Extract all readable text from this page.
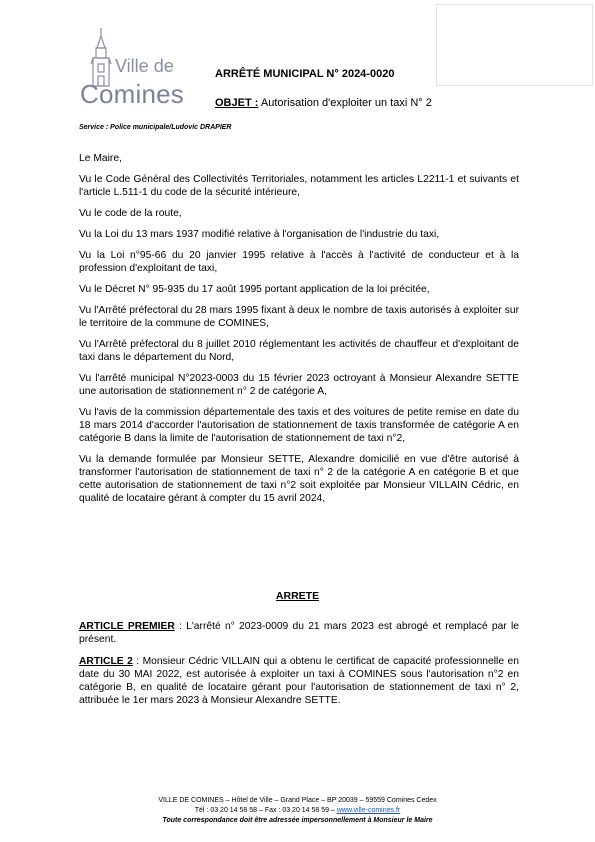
Ville de
Comines
ARRÊTÉ MUNICIPAL N° 2024-0020
OBJET : Autorisation d'exploiter un taxi N° 2
Service : Police municipale/Ludovic DRAPIER

Le Maire,

Vu le Code Général des Collectivités Territoriales, notamment les articles L2211-1 et suivants et l'article L.511-1 du code de la sécurité intérieure,

Vu le code de la route,

Vu la Loi du 13 mars 1937 modifié relative à l'organisation de l'industrie du taxi,

Vu la Loi n°95-66 du 20 janvier 1995 relative à l'accès à l'activité de conducteur et à la profession d'exploitant de taxi,

Vu le Décret N° 95-935 du 17 août 1995 portant application de la loi précitée,

Vu l'Arrêté préfectoral du 28 mars 1995 fixant à deux le nombre de taxis autorisés à exploiter sur le territoire de la commune de COMINES,

Vu l'Arrêté préfectoral du 8 juillet 2010 réglementant les activités de chauffeur et d'exploitant de taxi dans le département du Nord,

Vu l'arrêté municipal N°2023-0003 du 15 février 2023 octroyant à Monsieur Alexandre SETTE une autorisation de stationnement n° 2 de catégorie A,

Vu l'avis de la commission départementale des taxis et des voitures de petite remise en date du 18 mars 2014 d'accorder l'autorisation de stationnement de taxis transformée de catégorie A en catégorie B dans la limite de l'autorisation de stationnement de taxi n°2,

Vu la demande formulée par Monsieur SETTE, Alexandre domicilié en vue d'être autorisé à transformer l'autorisation de stationnement de taxi n° 2 de la catégorie A en catégorie B et que cette autorisation de stationnement de taxi n°2 soit exploitée par Monsieur VILLAIN Cédric, en qualité de locataire gérant à compter du 15 avril 2024,

ARRETE

ARTICLE PREMIER : L'arrêté n° 2023-0009 du 21 mars 2023 est abrogé et remplacé par le présent.

ARTICLE 2 : Monsieur Cédric VILLAIN qui a obtenu le certificat de capacité professionnelle en date du 30 MAI 2022, est autorisée à exploiter un taxi à COMINES sous l'autorisation n°2 en catégorie B, en qualité de locataire gérant pour l'autorisation de stationnement de taxi n° 2, attribuée le 1er mars 2023 à Monsieur Alexandre SETTE.

VILLE DE COMINES – Hôtel de Ville – Grand Place – BP 20039 – 59559 Comines Cedex
Tél : 03 20 14 58 58 – Fax : 03 20 14 58 59 – www.ville-comines.fr
Toute correspondance doit être adressée impersonnellement à Monsieur le Maire
